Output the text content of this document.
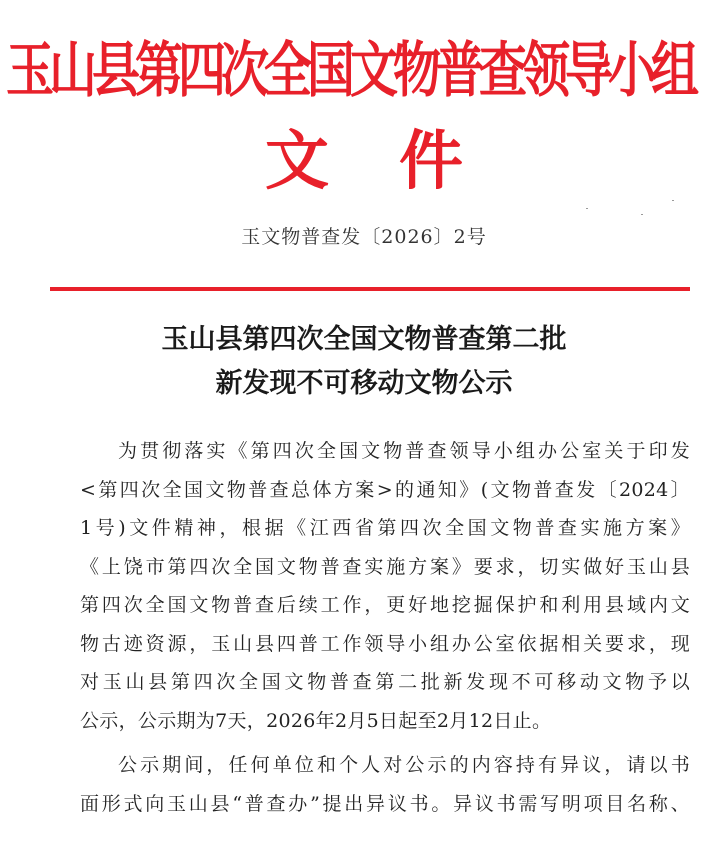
玉山县第四次全国文物普查领导小组
文件
玉文物普查发〔2026〕2号
玉山县第四次全国文物普查第二批
新发现不可移动文物公示
为贯彻落实《第四次全国文物普查领导小组办公室关于印发
<第四次全国文物普查总体方案>的通知》(文物普查发〔2024〕
1号)文件精神，根据《江西省第四次全国文物普查实施方案》
《上饶市第四次全国文物普查实施方案》要求，切实做好玉山县
第四次全国文物普查后续工作，更好地挖掘保护和利用县域内文
物古迹资源，玉山县四普工作领导小组办公室依据相关要求，现
对玉山县第四次全国文物普查第二批新发现不可移动文物予以
公示，公示期为7天，2026年2月5日起至2月12日止。
公示期间，任何单位和个人对公示的内容持有异议，请以书
面形式向玉山县“普查办”提出异议书。异议书需写明项目名称、
